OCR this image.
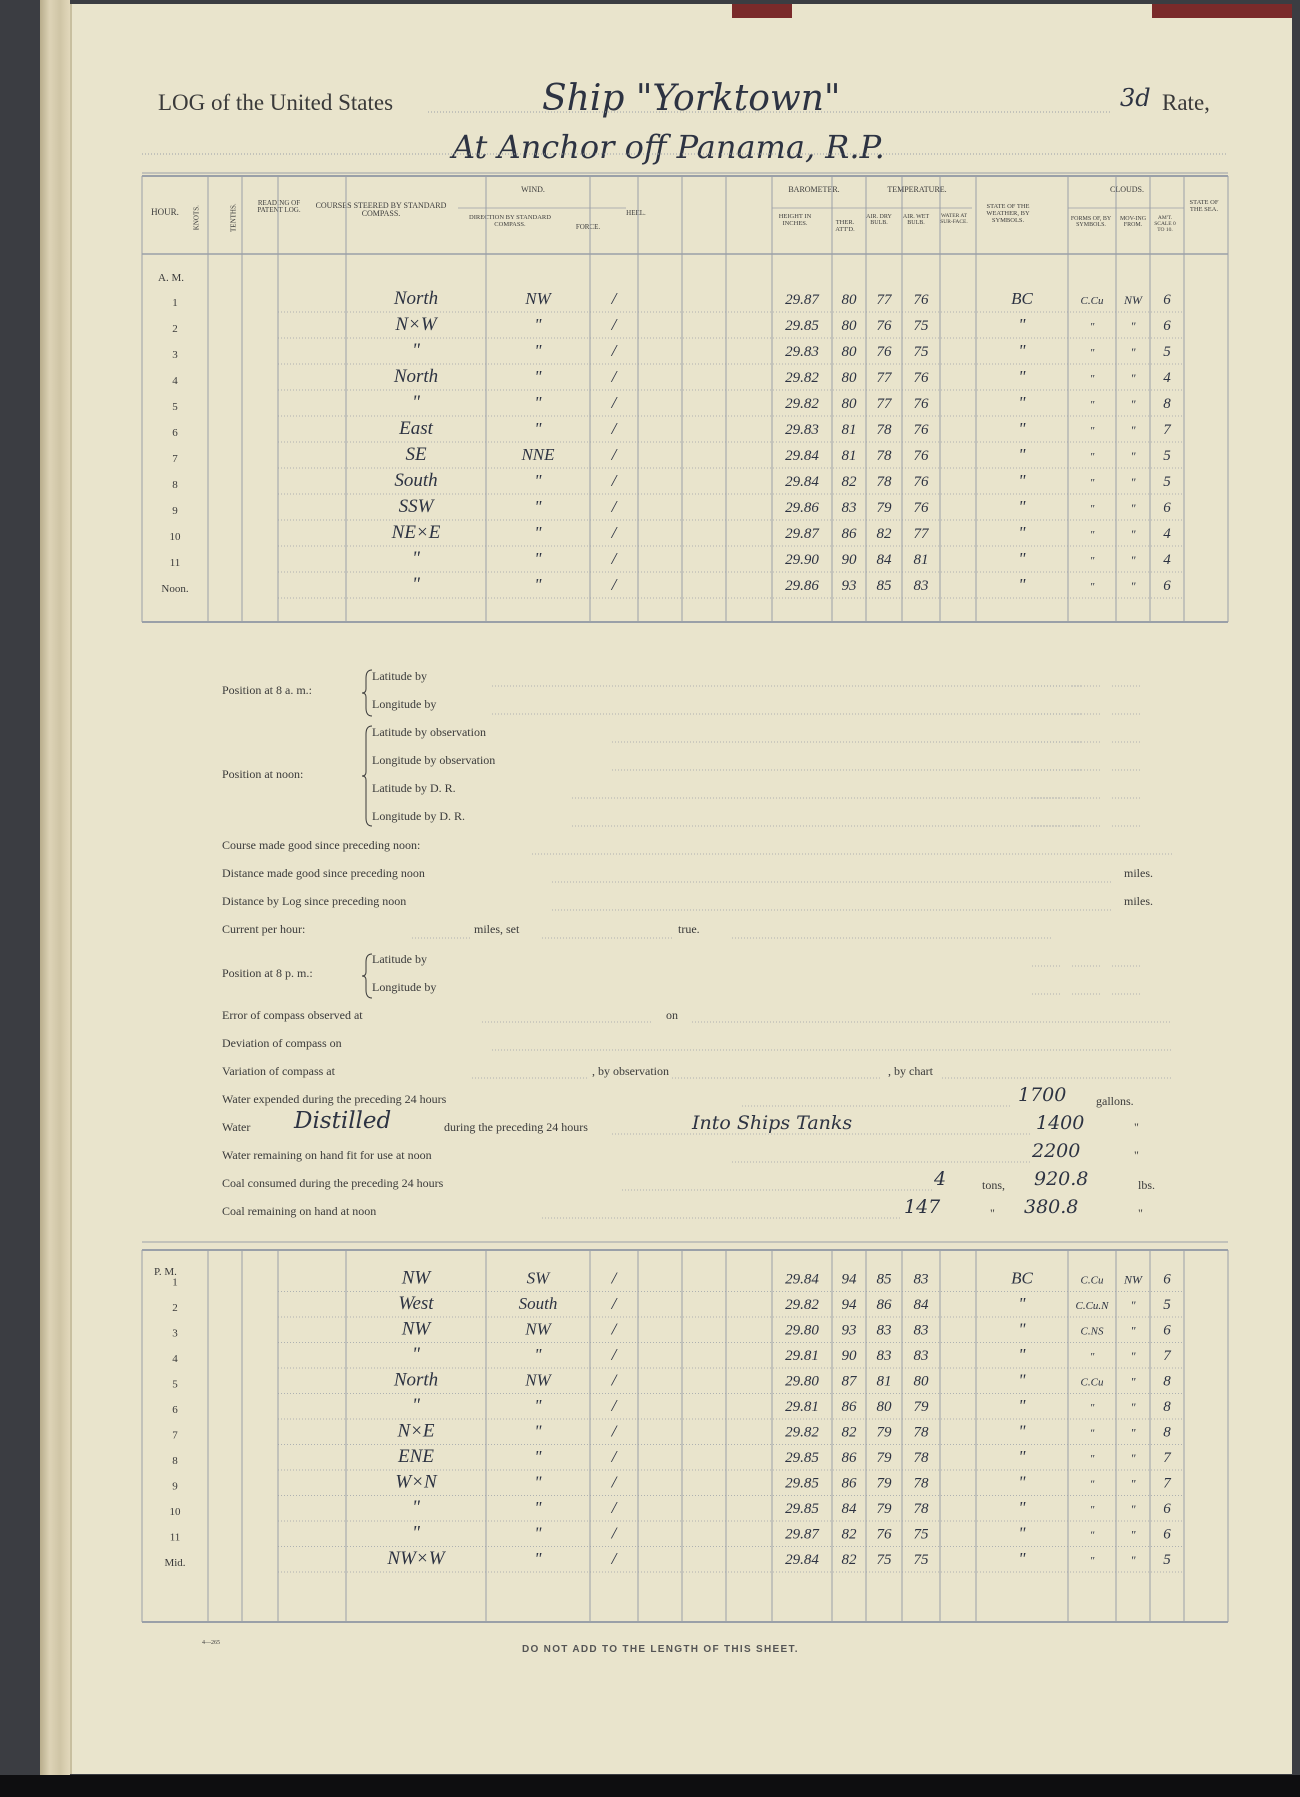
LOG of the United States	Ship "Yorktown"	3d Rate,
At Anchor off Panama, R.P.
HOUR.	KNOTS.	TENTHS.
READING OF PATENT LOG.
COURSES STEERED BY STANDARD COMPASS.
WIND.
DIRECTION BY STANDARD COMPASS.	FORCE.
HEEL.
BAROMETER.
HEIGHT IN INCHES.	THER. ATT'D.
TEMPERATURE.
AIR. DRY BULB.
AIR. WET BULB.
WATER AT SUR-FACE.
STATE OF THE WEATHER, BY SYMBOLS.
CLOUDS.
FORMS OF, BY SYMBOLS.
MOV-ING FROM.
AM'T. SCALE 0 TO 10.
STATE OF THE SEA.
A. M.
P. M.
1	North	NW	/	29.87 80 77 76	BC	C.Cu NW 6
2	N×W	"	/	29.85 80 76 75	"	"	" 6
3	"	"	/	29.83 80 76 75	"	"	" 5
4	North	"	/	29.82 80 77 76	"	"	" 4
5	"	"	/	29.82 80 77 76	"	"	" 8
6	East	"	/	29.83 81 78 76	"	"	" 7
7	SE	NNE	/	29.84 81 78 76	"	"	" 5
8	South	"	/	29.84 82 78 76	"	"	" 5
9	SSW	"	/	29.86 83 79 76	"	"	" 6
10	NE×E	"	/	29.87 86 82 77	"	"	" 4
11	"	"	/	29.90 90 84 81	"	"	" 4
Noon.	"	"	/	29.86 93 85 83	"	"	" 6
1	NW	SW	/	29.84 94 85 83	BC	C.Cu NW 6
2	West	South	/	29.82 94 86 84	"	C.Cu.N " 5
3	NW	NW	/	29.80 93 83 83	"	C.NS " 6
4	"	"	/	29.81 90 83 83	"	"	" 7
5	North	NW	/	29.80 87 81 80	"	C.Cu " 8
6	"	"	/	29.81 86 80 79	"	"	" 8
7	N×E	"	/	29.82 82 79 78	"	"	" 8
8	ENE	"	/	29.85 86 79 78	"	"	" 7
9	W×N	"	/	29.85 86 79 78	"	"	" 7
10	"	"	/	29.85 84 79 78	"	"	" 6
11	"	"	/	29.87 82 76 75	"	"	" 6
Mid.	NW×W	"	/	29.84 82 75 75	"	"	" 5
Position at 8 a. m.:
Latitude by
Longitude by
Position at noon:
Latitude by observation
Longitude by observation
Latitude by D. R.
Longitude by D. R.
Course made good since preceding noon:
Distance made good since preceding noon	miles.
Distance by Log since preceding noon	miles.
Current per hour:	miles, set	true.
Position at 8 p. m.:
Latitude by
Longitude by
Error of compass observed at	on
Deviation of compass on
Variation of compass at	, by observation	, by chart
Water expended during the preceding 24 hours	1700 gallons.
Water Distilled	during the preceding 24 hours	Into Ships Tanks	1400	"
Water remaining on hand fit for use at noon	2200	"
Coal consumed during the preceding 24 hours	4	tons, 920.8	lbs.
Coal remaining on hand at noon	147	" 380.8	"
4—265
DO NOT ADD TO THE LENGTH OF THIS SHEET.
